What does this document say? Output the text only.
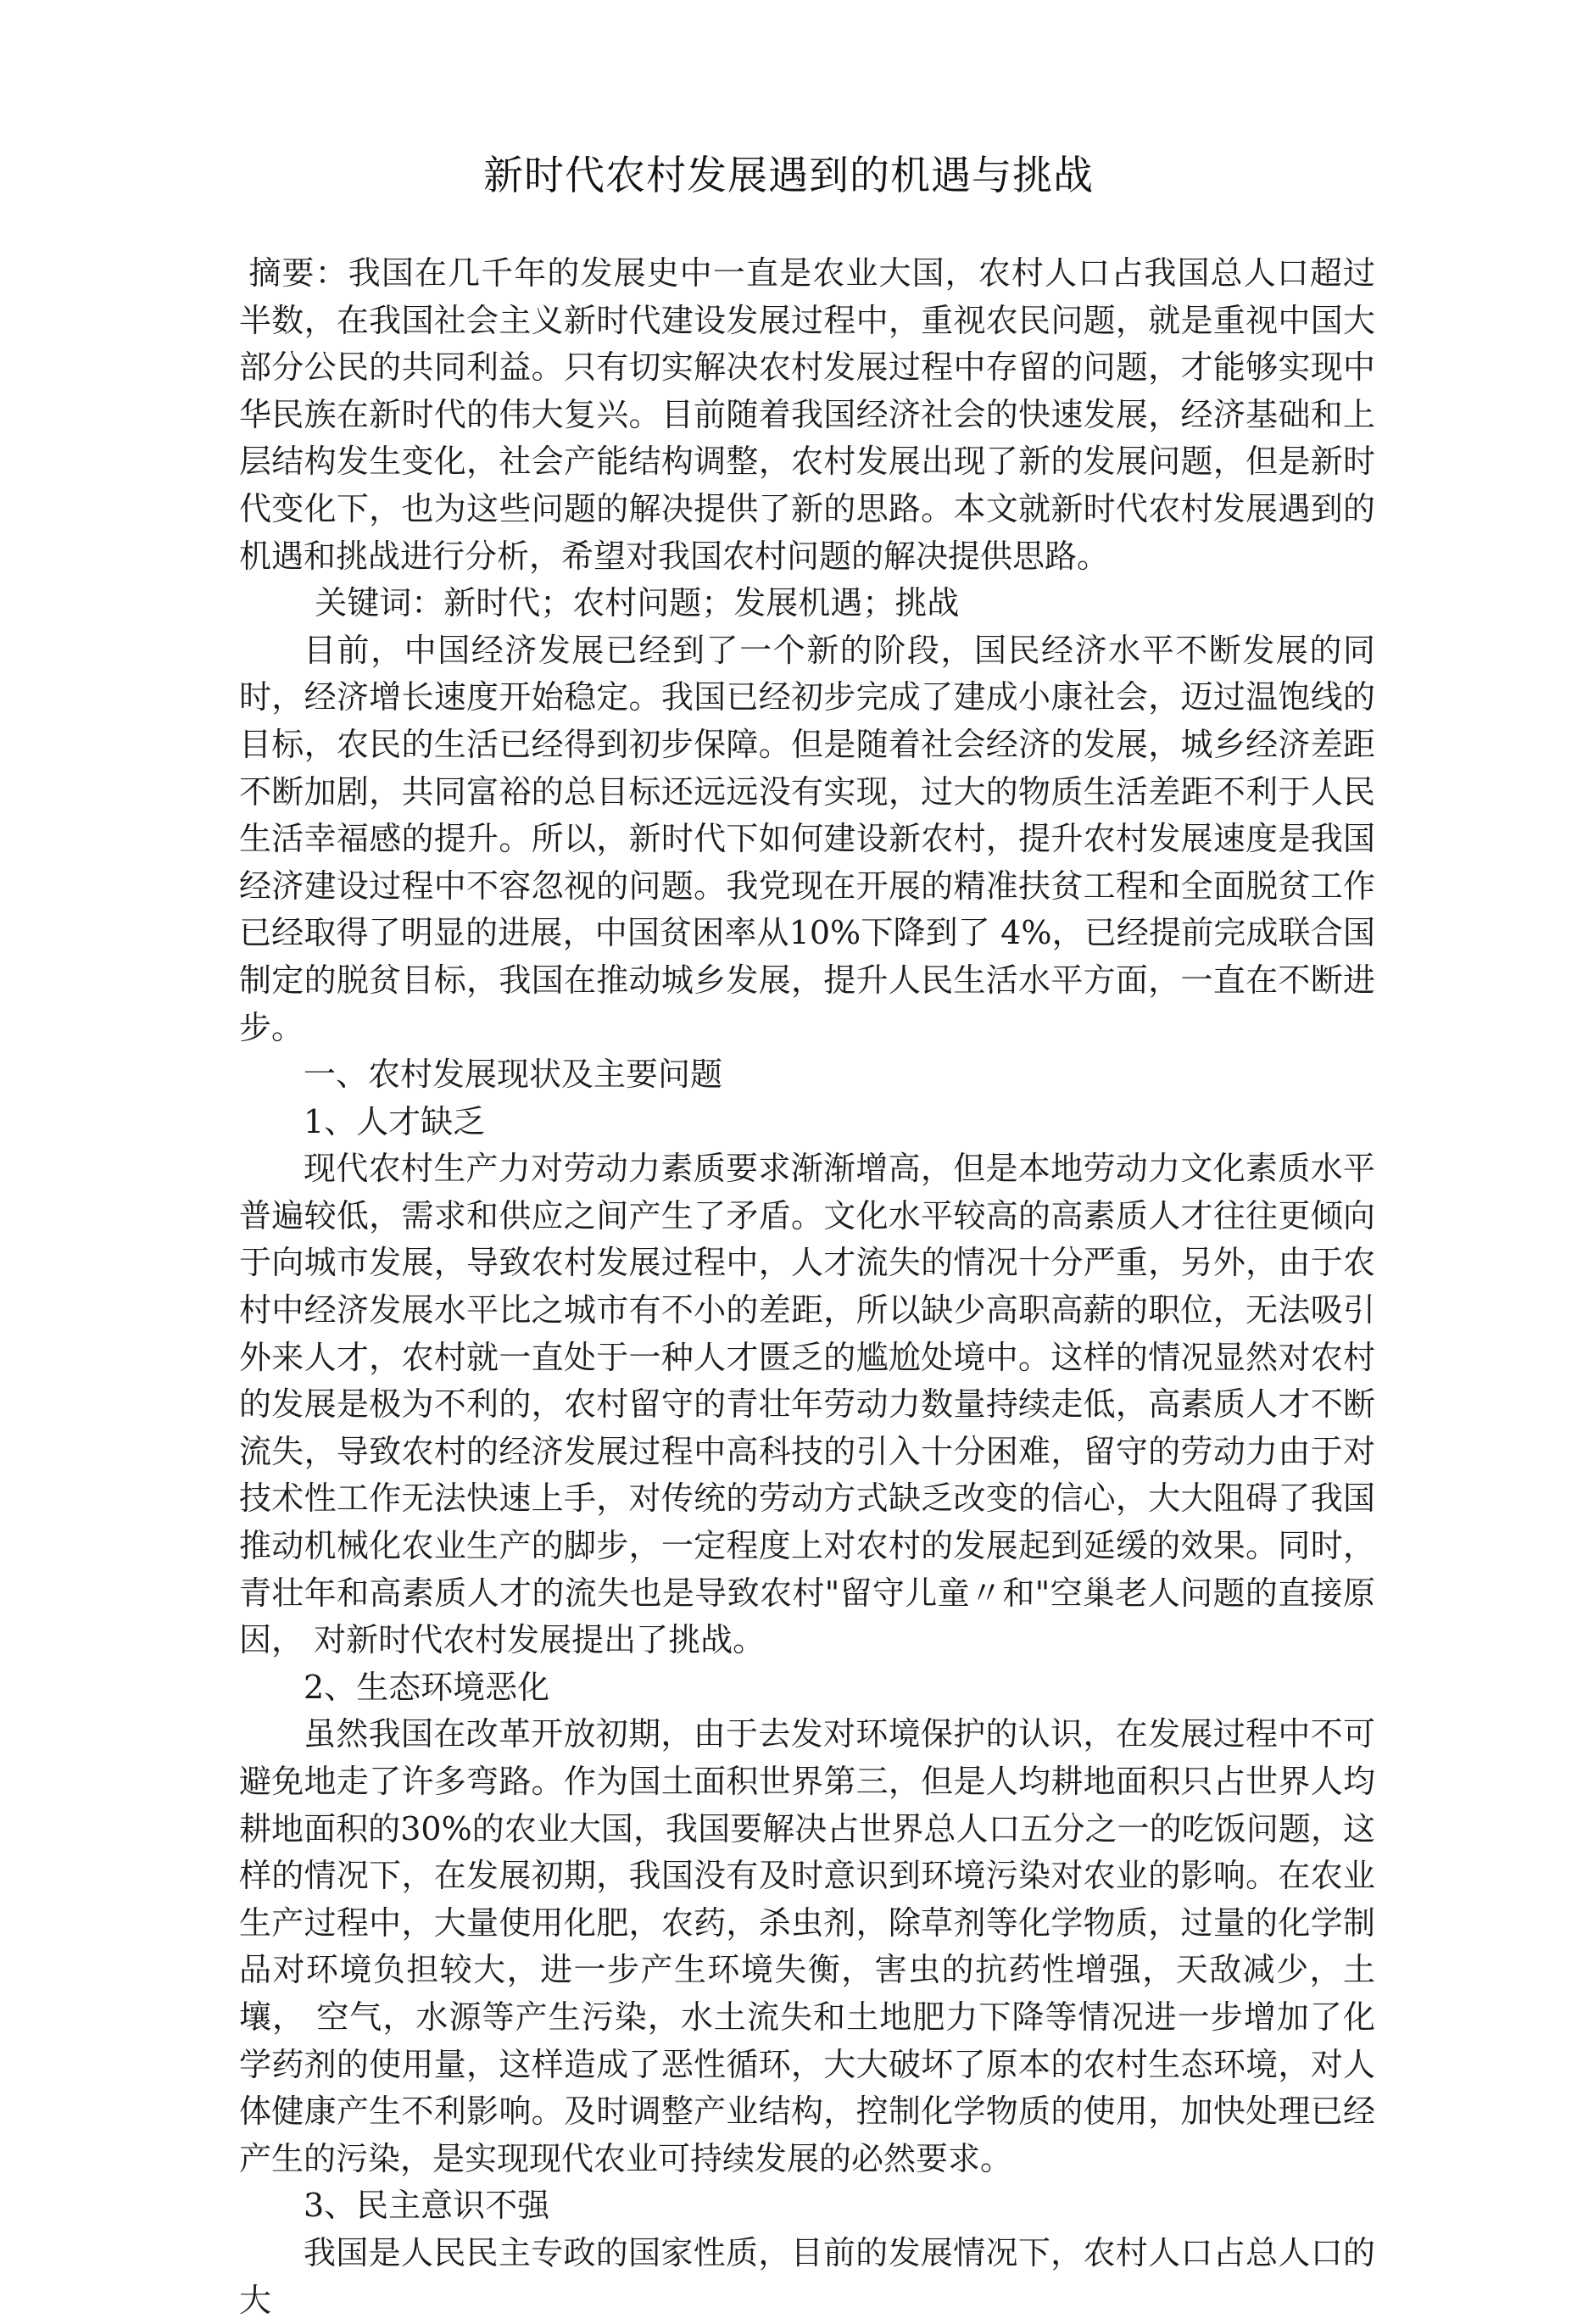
新时代农村发展遇到的机遇与挑战

摘要：我国在几千年的发展史中一直是农业大国，农村人口占我国总人口超过半数，在我国社会主义新时代建设发展过程中，重视农民问题，就是重视中国大部分公民的共同利益。只有切实解决农村发展过程中存留的问题，才能够实现中华民族在新时代的伟大复兴。目前随着我国经济社会的快速发展，经济基础和上层结构发生变化，社会产能结构调整，农村发展出现了新的发展问题，但是新时代变化下，也为这些问题的解决提供了新的思路。本文就新时代农村发展遇到的机遇和挑战进行分析，希望对我国农村问题的解决提供思路。

关键词：新时代；农村问题；发展机遇；挑战

目前，中国经济发展已经到了一个新的阶段，国民经济水平不断发展的同时，经济增长速度开始稳定。我国已经初步完成了建成小康社会，迈过温饱线的目标，农民的生活已经得到初步保障。但是随着社会经济的发展，城乡经济差距不断加剧，共同富裕的总目标还远远没有实现，过大的物质生活差距不利于人民生活幸福感的提升。所以，新时代下如何建设新农村，提升农村发展速度是我国经济建设过程中不容忽视的问题。我党现在开展的精准扶贫工程和全面脱贫工作已经取得了明显的进展，中国贫困率从10%下降到了 4%，已经提前完成联合国制定的脱贫目标，我国在推动城乡发展，提升人民生活水平方面，一直在不断进步。

一、农村发展现状及主要问题

1、人才缺乏

现代农村生产力对劳动力素质要求渐渐增高，但是本地劳动力文化素质水平普遍较低，需求和供应之间产生了矛盾。文化水平较高的高素质人才往往更倾向于向城市发展，导致农村发展过程中，人才流失的情况十分严重，另外，由于农村中经济发展水平比之城市有不小的差距，所以缺少高职高薪的职位，无法吸引外来人才，农村就一直处于一种人才匮乏的尴尬处境中。这样的情况显然对农村的发展是极为不利的，农村留守的青壮年劳动力数量持续走低，高素质人才不断流失，导致农村的经济发展过程中高科技的引入十分困难，留守的劳动力由于对技术性工作无法快速上手，对传统的劳动方式缺乏改变的信心，大大阻碍了我国推动机械化农业生产的脚步，一定程度上对农村的发展起到延缓的效果。同时， 青壮年和高素质人才的流失也是导致农村"留守儿童〃和"空巢老人问题的直接原因， 对新时代农村发展提出了挑战。

2、生态环境恶化

虽然我国在改革开放初期，由于去发对环境保护的认识，在发展过程中不可避免地走了许多弯路。作为国土面积世界第三，但是人均耕地面积只占世界人均耕地面积的30%的农业大国，我国要解决占世界总人口五分之一的吃饭问题，这样的情况下，在发展初期，我国没有及时意识到环境污染对农业的影响。在农业生产过程中，大量使用化肥，农药，杀虫剂，除草剂等化学物质，过量的化学制品对环境负担较大，进一步产生环境失衡，害虫的抗药性增强，天敌减少，土壤， 空气，水源等产生污染，水土流失和土地肥力下降等情况进一步增加了化学药剂的使用量，这样造成了恶性循环，大大破坏了原本的农村生态环境，对人体健康产生不利影响。及时调整产业结构，控制化学物质的使用，加快处理已经产生的污染，是实现现代农业可持续发展的必然要求。

3、民主意识不强

我国是人民民主专政的国家性质，目前的发展情况下，农村人口占总人口的大
